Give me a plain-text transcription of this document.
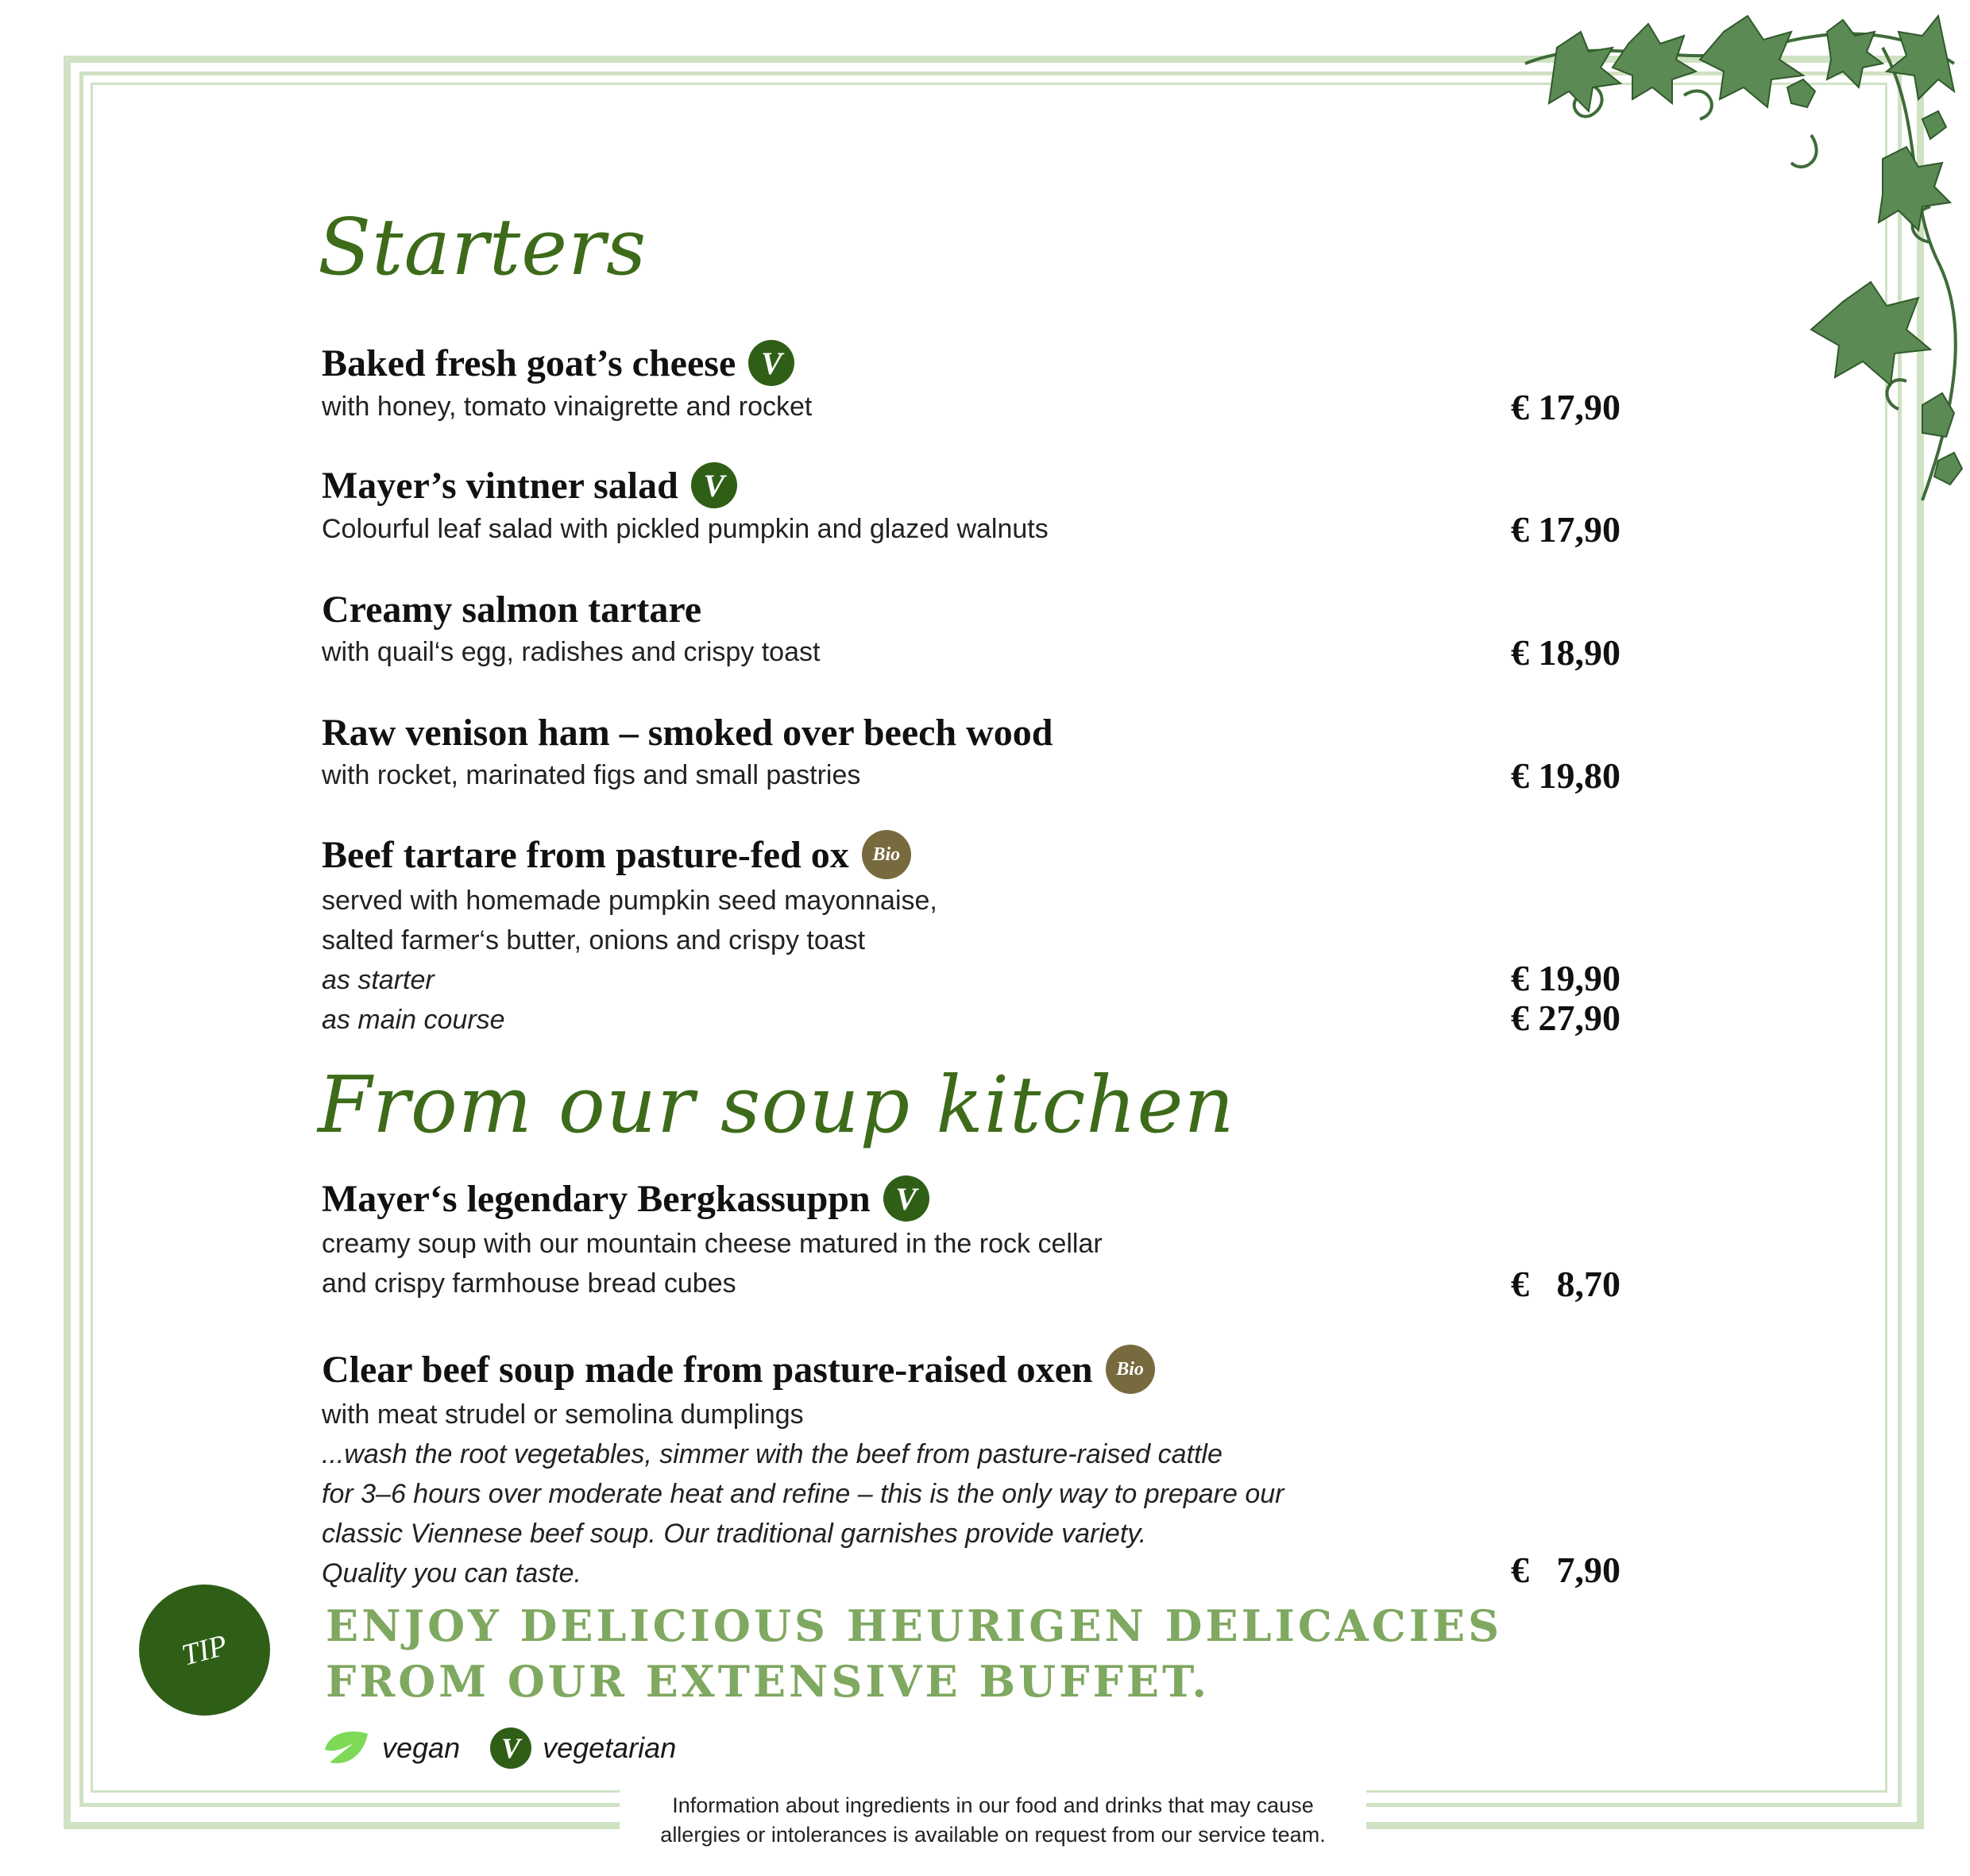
Starters
Baked fresh goat’s cheese V
with honey, tomato vinaigrette and rocket	€ 17,90
Mayer’s vintner salad V
Colourful leaf salad with pickled pumpkin and glazed walnuts	€ 17,90
Creamy salmon tartare
with quail‘s egg, radishes and crispy toast	€ 18,90
Raw venison ham – smoked over beech wood
with rocket, marinated figs and small pastries	€ 19,80
Beef tartare from pasture-fed ox	Bio
served with homemade pumpkin seed mayonnaise,
salted farmer‘s butter, onions and crispy toast
as starter	€ 19,90
as main course	€ 27,90
From our soup kitchen
Mayer‘s legendary Bergkassuppn V
creamy soup with our mountain cheese matured in the rock cellar
and crispy farmhouse bread cubes	€   8,70
Clear beef soup made from pasture-raised oxen	Bio
with meat strudel or semolina dumplings
...wash the root vegetables, simmer with the beef from pasture-raised cattle
for 3–6 hours over moderate heat and refine – this is the only way to prepare our
classic Viennese beef soup. Our traditional garnishes provide variety.
Quality you can taste.	€   7,90
TIP ENJOY DELICIOUS HEURIGEN DELICACIES
FROM OUR EXTENSIVE BUFFET.
vegan	V vegetarian
Information about ingredients in our food and drinks that may cause
allergies or intolerances is available on request from our service team.
